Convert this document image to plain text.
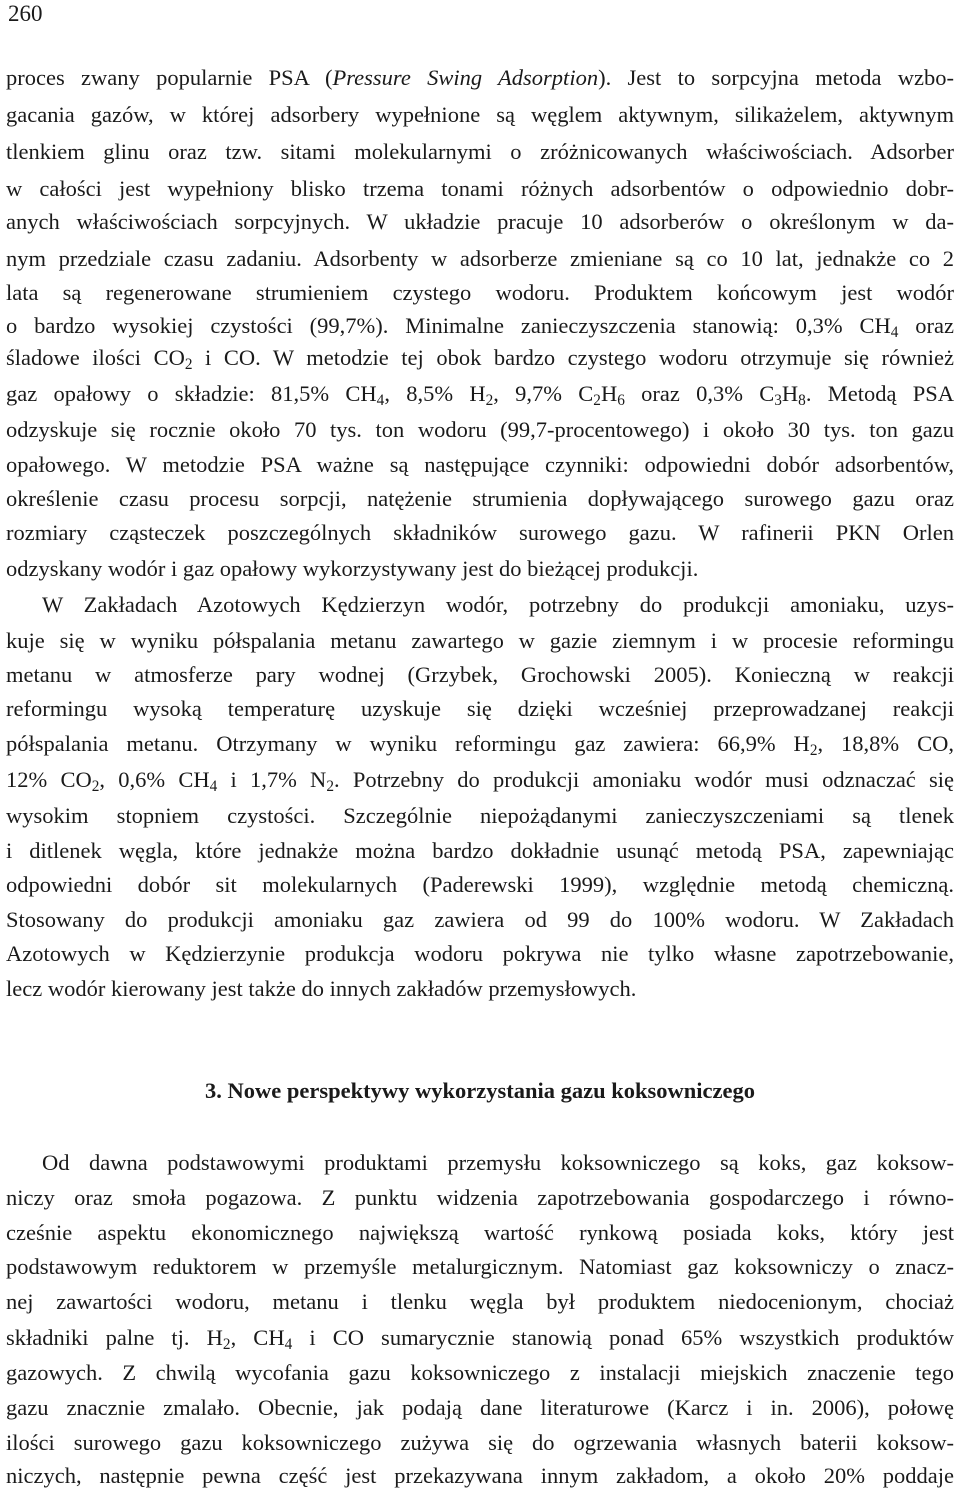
260
proces zwany popularnie PSA (Pressure Swing Adsorption). Jest to sorpcyjna metoda wzbo-
gacania gazów, w której adsorbery wypełnione są węglem aktywnym, silikażelem, aktywnym
tlenkiem glinu oraz tzw. sitami molekularnymi o zróżnicowanych właściwościach. Adsorber
w całości jest wypełniony blisko trzema tonami różnych adsorbentów o odpowiednio dobr-
anych właściwościach sorpcyjnych. W układzie pracuje 10 adsorberów o określonym w da-
nym przedziale czasu zadaniu. Adsorbenty w adsorberze zmieniane są co 10 lat, jednakże co 2
lata są regenerowane strumieniem czystego wodoru. Produktem końcowym jest wodór
o bardzo wysokiej czystości (99,7%). Minimalne zanieczyszczenia stanowią: 0,3% $CH_4$ oraz
śladowe ilości $CO_2$ i CO. W metodzie tej obok bardzo czystego wodoru otrzymuje się również
gaz opałowy o składzie: 81,5% $CH_4$, 8,5% $H_2$, 9,7% $C_2H_6$ oraz 0,3% $C_3H_8$. Metodą PSA
odzyskuje się rocznie około 70 tys. ton wodoru (99,7-procentowego) i około 30 tys. ton gazu
opałowego. W metodzie PSA ważne są następujące czynniki: odpowiedni dobór adsorbentów,
określenie czasu procesu sorpcji, natężenie strumienia dopływającego surowego gazu oraz
rozmiary cząsteczek poszczególnych składników surowego gazu. W rafinerii PKN Orlen
odzyskany wodór i gaz opałowy wykorzystywany jest do bieżącej produkcji.
W Zakładach Azotowych Kędzierzyn wodór, potrzebny do produkcji amoniaku, uzys-
kuje się w wyniku półspalania metanu zawartego w gazie ziemnym i w procesie reformingu
metanu w atmosferze pary wodnej (Grzybek, Grochowski 2005). Konieczną w reakcji
reformingu wysoką temperaturę uzyskuje się dzięki wcześniej przeprowadzanej reakcji
półspalania metanu. Otrzymany w wyniku reformingu gaz zawiera: 66,9% $H_2$, 18,8% CO,
12% $CO_2$, 0,6% $CH_4$ i 1,7% $N_2$. Potrzebny do produkcji amoniaku wodór musi odznaczać się
wysokim stopniem czystości. Szczególnie niepożądanymi zanieczyszczeniami są tlenek
i ditlenek węgla, które jednakże można bardzo dokładnie usunąć metodą PSA, zapewniając
odpowiedni dobór sit molekularnych (Paderewski 1999), względnie metodą chemiczną.
Stosowany do produkcji amoniaku gaz zawiera od 99 do 100% wodoru. W Zakładach
Azotowych w Kędzierzynie produkcja wodoru pokrywa nie tylko własne zapotrzebowanie,
lecz wodór kierowany jest także do innych zakładów przemysłowych.
3. Nowe perspektywy wykorzystania gazu koksowniczego
Od dawna podstawowymi produktami przemysłu koksowniczego są koks, gaz koksow-
niczy oraz smoła pogazowa. Z punktu widzenia zapotrzebowania gospodarczego i równo-
cześnie aspektu ekonomicznego największą wartość rynkową posiada koks, który jest
podstawowym reduktorem w przemyśle metalurgicznym. Natomiast gaz koksowniczy o znacz-
nej zawartości wodoru, metanu i tlenku węgla był produktem niedocenionym, chociaż
składniki palne tj. $H_2$, $CH_4$ i CO sumarycznie stanowią ponad 65% wszystkich produktów
gazowych. Z chwilą wycofania gazu koksowniczego z instalacji miejskich znaczenie tego
gazu znacznie zmalało. Obecnie, jak podają dane literaturowe (Karcz i in. 2006), połowę
ilości surowego gazu koksowniczego zużywa się do ogrzewania własnych baterii koksow-
niczych, następnie pewna część jest przekazywana innym zakładom, a około 20% poddaje
